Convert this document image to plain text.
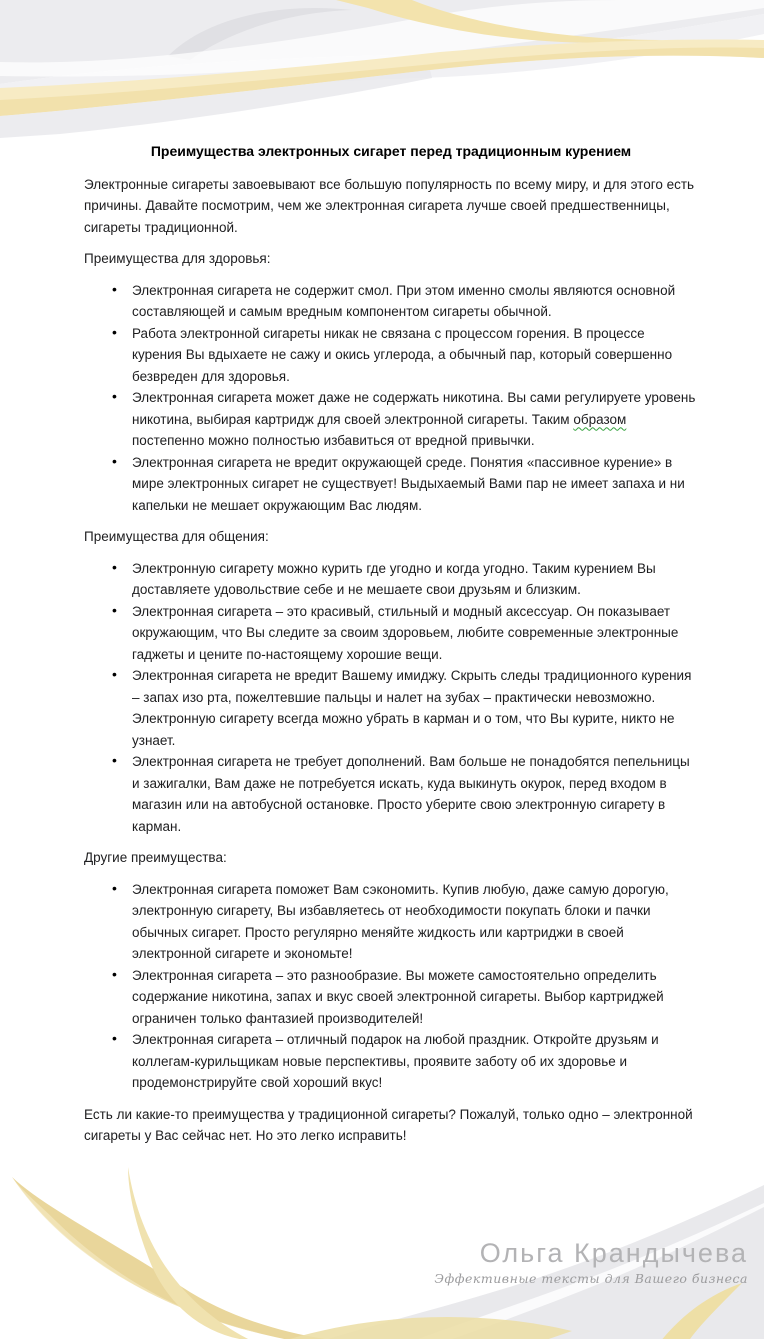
Преимущества электронных сигарет перед традиционным курением

Электронные сигареты завоевывают все большую популярность по всему миру, и для этого есть причины. Давайте посмотрим, чем же электронная сигарета лучше своей предшественницы, сигареты традиционной.

Преимущества для здоровья:

• Электронная сигарета не содержит смол. При этом именно смолы являются основной составляющей и самым вредным компонентом сигареты обычной.
• Работа электронной сигареты никак не связана с процессом горения. В процессе курения Вы вдыхаете не сажу и окись углерода, а обычный пар, который совершенно безвреден для здоровья.
• Электронная сигарета может даже не содержать никотина. Вы сами регулируете уровень никотина, выбирая картридж для своей электронной сигареты. Таким образом постепенно можно полностью избавиться от вредной привычки.
• Электронная сигарета не вредит окружающей среде. Понятия «пассивное курение» в мире электронных сигарет не существует! Выдыхаемый Вами пар не имеет запаха и ни капельки не мешает окружающим Вас людям.

Преимущества для общения:

• Электронную сигарету можно курить где угодно и когда угодно. Таким курением Вы доставляете удовольствие себе и не мешаете свои друзьям и близким.
• Электронная сигарета – это красивый, стильный и модный аксессуар. Он показывает окружающим, что Вы следите за своим здоровьем, любите современные электронные гаджеты и цените по-настоящему хорошие вещи.
• Электронная сигарета не вредит Вашему имиджу. Скрыть следы традиционного курения – запах изо рта, пожелтевшие пальцы и налет на зубах – практически невозможно. Электронную сигарету всегда можно убрать в карман и о том, что Вы курите, никто не узнает.
• Электронная сигарета не требует дополнений. Вам больше не понадобятся пепельницы и зажигалки, Вам даже не потребуется искать, куда выкинуть окурок, перед входом в магазин или на автобусной остановке. Просто уберите свою электронную сигарету в карман.

Другие преимущества:

• Электронная сигарета поможет Вам сэкономить. Купив любую, даже самую дорогую, электронную сигарету, Вы избавляетесь от необходимости покупать блоки и пачки обычных сигарет. Просто регулярно меняйте жидкость или картриджи в своей электронной сигарете и экономьте!
• Электронная сигарета – это разнообразие. Вы можете самостоятельно определить содержание никотина, запах и вкус своей электронной сигареты. Выбор картриджей ограничен только фантазией производителей!
• Электронная сигарета – отличный подарок на любой праздник. Откройте друзьям и коллегам-курильщикам новые перспективы, проявите заботу об их здоровье и продемонстрируйте свой хороший вкус!

Есть ли какие-то преимущества у традиционной сигареты? Пожалуй, только одно – электронной сигареты у Вас сейчас нет. Но это легко исправить!

Ольга Крандычева
Эффективные тексты для Вашего бизнеса
